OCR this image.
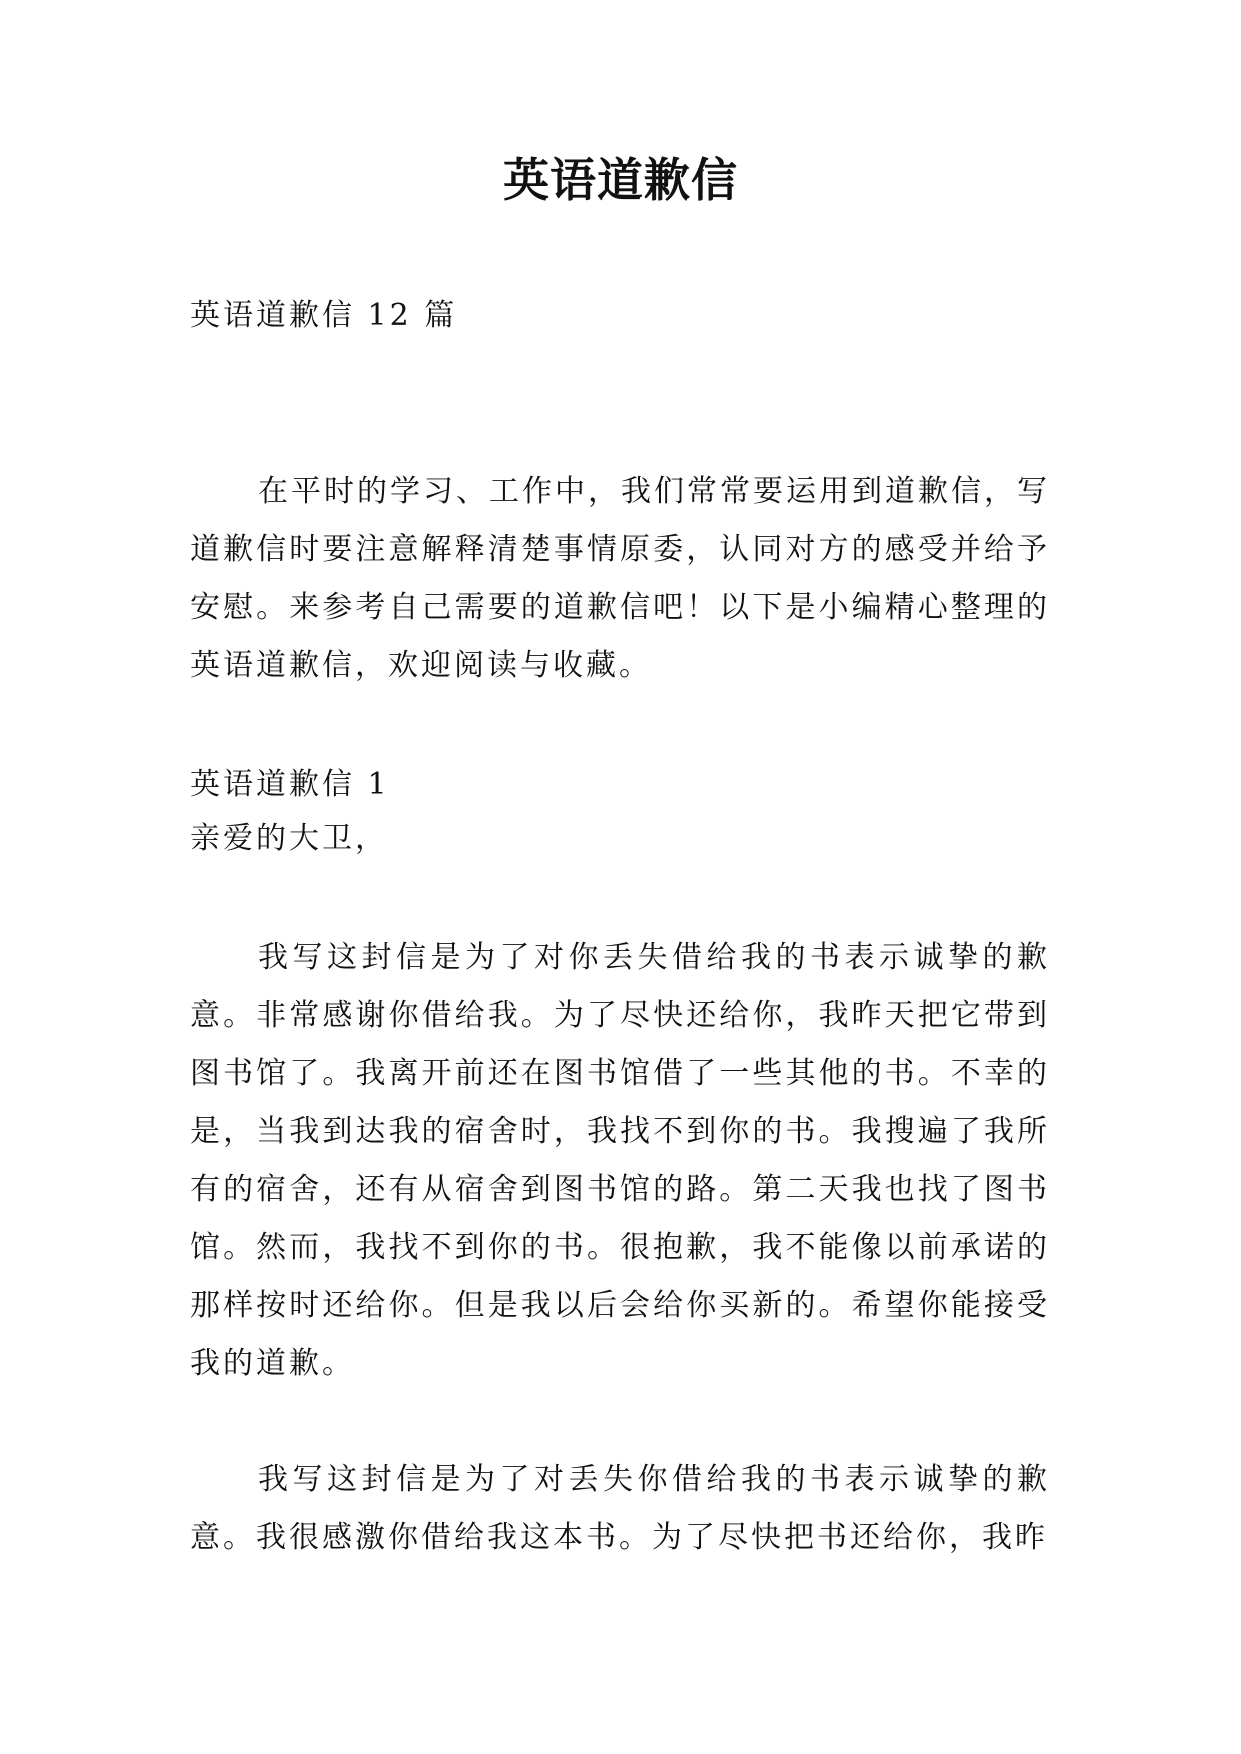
英语道歉信
英语道歉信 12 篇
在平时的学习、工作中，我们常常要运用到道歉信，写道歉信时要注意解释清楚事情原委，认同对方的感受并给予安慰。来参考自己需要的道歉信吧！以下是小编精心整理的英语道歉信，欢迎阅读与收藏。
英语道歉信 1
亲爱的大卫，
我写这封信是为了对你丢失借给我的书表示诚挚的歉意。非常感谢你借给我。为了尽快还给你，我昨天把它带到图书馆了。我离开前还在图书馆借了一些其他的书。不幸的是，当我到达我的宿舍时，我找不到你的书。我搜遍了我所有的宿舍，还有从宿舍到图书馆的路。第二天我也找了图书馆。然而，我找不到你的书。很抱歉，我不能像以前承诺的那样按时还给你。但是我以后会给你买新的。希望你能接受我的道歉。
我写这封信是为了对丢失你借给我的书表示诚挚的歉意。我很感激你借给我这本书。为了尽快把书还给你，我昨
